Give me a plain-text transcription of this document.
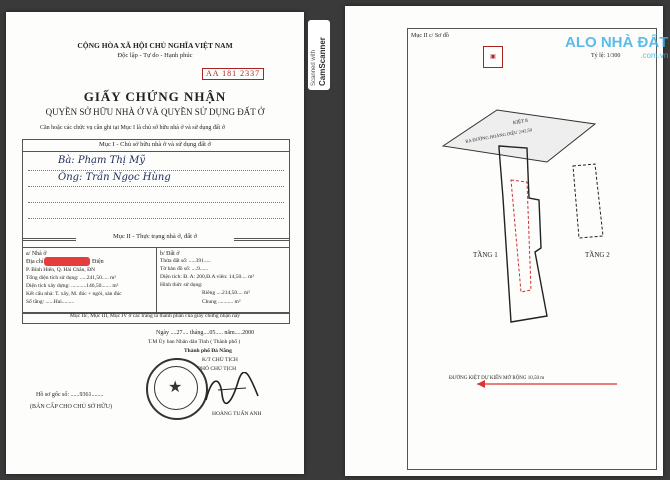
AA 181 2337
CỘNG HÒA XÃ HỘI CHỦ NGHĨA VIỆT NAM
Độc lập - Tự do - Hạnh phúc
GIẤY CHỨNG NHẬN
QUYỀN SỞ HỮU NHÀ Ở VÀ QUYỀN SỬ DỤNG ĐẤT Ở
Căn hoặc các chức vụ cần ghi tại Mục I là chủ sở hữu nhà ở và sử dụng đất ở
Mục I - Chủ sở hữu nhà ở và sử dụng đất ở
Bà: Phạm Thị Mỹ
Ông: Trần Ngọc Hùng
Mục II - Thực trạng nhà ở, đất ở
a/ Nhà ở
Địa chỉ	Điện
P. Bình Hiên, Q. Hải Châu, ĐN
Tổng diện tích sử dụng: .....241,50..... m²
Diện tích xây dựng: ...........146,50....... m²
Kết cấu nhà: T. xây, M. đúc + ngói, sàn đúc
Số tầng: ......Hai.........
b/ Đất ở
Thửa đất số: .....391.....
Tờ bản đồ số: ....9......
Diện tích: Đ. A: 200,Đ.A viên: 14,50.... m²
Hình thức sử dụng:
Riêng ....214,50.... m²
Chung ........... m²
Mục IIc, Mục III, Mục IV ở các trang là thành phần của giấy chứng nhận này
Ngày ....27.... tháng....05..... năm.....2000
T.M Ủy ban Nhân dân Tỉnh ( Thành phố )
Thành phố Đà Nẵng
K/T CHỦ TỊCH
PHÓ CHỦ TỊCH
★
HOÀNG TUẤN ANH
Hồ sơ gốc số: ......9361........
(BẢN CẤP CHO CHỦ SỞ HỮU)
Scanned with CamScanner
Mục II c/ Sơ đồ
Tỷ lệ: 1/300
▣
KIỆT 8
RA ĐƯỜNG HOÀNG DIỆU 2/42,50
TẦNG 1	TẦNG 2
ĐƯỜNG KIỆT DỰ KIẾN MỞ RỘNG 10,50 m
ALO NHÀ ĐẤT
.com.vn
